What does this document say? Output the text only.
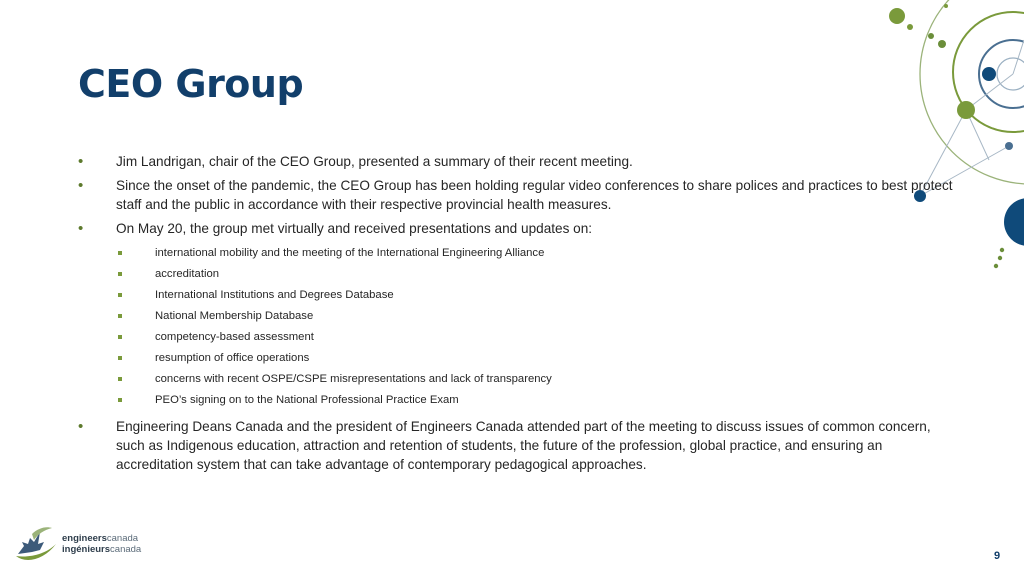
CEO Group
• Jim Landrigan, chair of the CEO Group, presented a summary of their recent meeting.
• Since the onset of the pandemic, the CEO Group has been holding regular video conferences to share polices and practices to best protect staff and the public in accordance with their respective provincial health measures.
• On May 20, the group met virtually and received presentations and updates on:
international mobility and the meeting of the International Engineering Alliance
accreditation
International Institutions and Degrees Database
National Membership Database
competency-based assessment
resumption of office operations
concerns with recent OSPE/CSPE misrepresentations and lack of transparency
PEO’s signing on to the National Professional Practice Exam
• Engineering Deans Canada and the president of Engineers Canada attended part of the meeting to discuss issues of common concern, such as Indigenous education, attraction and retention of students, the future of the profession, global practice, and ensuring an accreditation system that can take advantage of contemporary pedagogical approaches.
engineerscanada
ingénieurscanada
9
